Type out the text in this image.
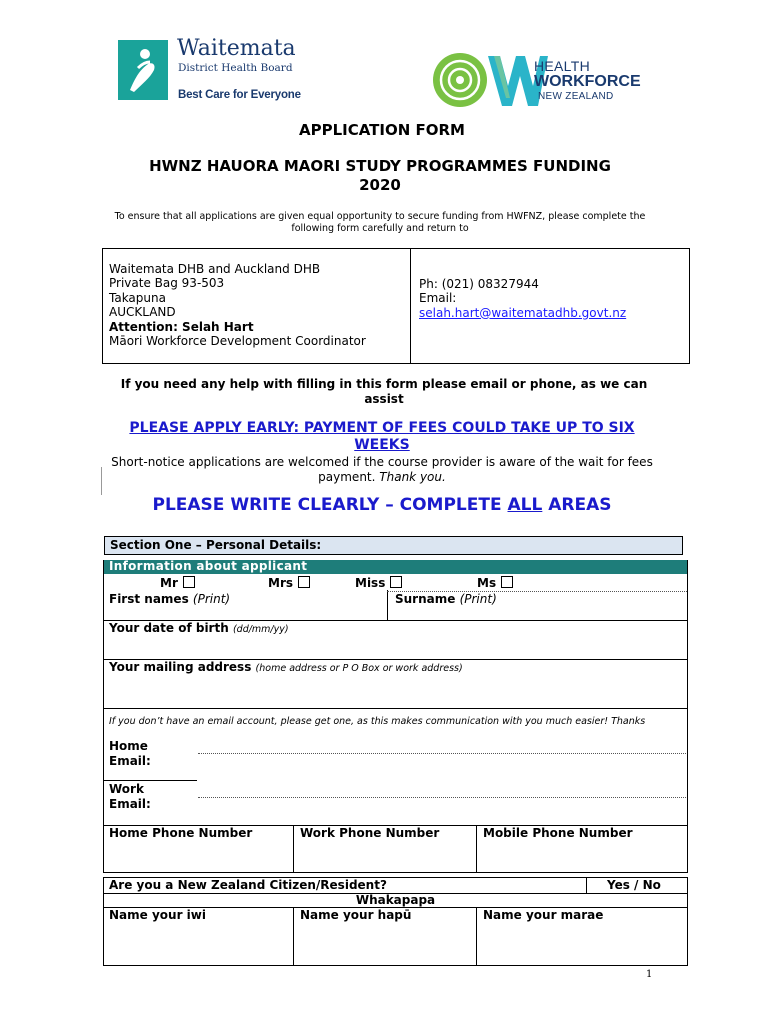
Waitemata
District Health Board
Best Care for Everyone
HEALTH
WORKFORCE
NEW ZEALAND
APPLICATION FORM
HWNZ HAUORA MAORI STUDY PROGRAMMES FUNDING
2020
To ensure that all applications are given equal opportunity to secure funding from HWFNZ, please complete the following form carefully and return to
Waitemata DHB and Auckland DHB
Private Bag 93-503
Takapuna
AUCKLAND
Attention: Selah Hart
Māori Workforce Development Coordinator
Ph: (021) 08327944
Email:
selah.hart@waitematadhb.govt.nz
If you need any help with filling in this form please email or phone, as we can assist
PLEASE APPLY EARLY: PAYMENT OF FEES COULD TAKE UP TO SIX WEEKS
Short-notice applications are welcomed if the course provider is aware of the wait for fees payment. Thank you.
PLEASE WRITE CLEARLY – COMPLETE ALL AREAS
Section One – Personal Details:
Information about applicant
Mr	Mrs	Miss	Ms
First names (Print)	Surname (Print)
Your date of birth (dd/mm/yy)
Your mailing address (home address or P O Box or work address)
If you don’t have an email account, please get one, as this makes communication with you much easier! Thanks
Home
Email:
Work
Email:
Home Phone Number	Work Phone Number	Mobile Phone Number
Are you a New Zealand Citizen/Resident?	Yes / No
Whakapapa
Name your iwi	Name your hapū	Name your marae
1
